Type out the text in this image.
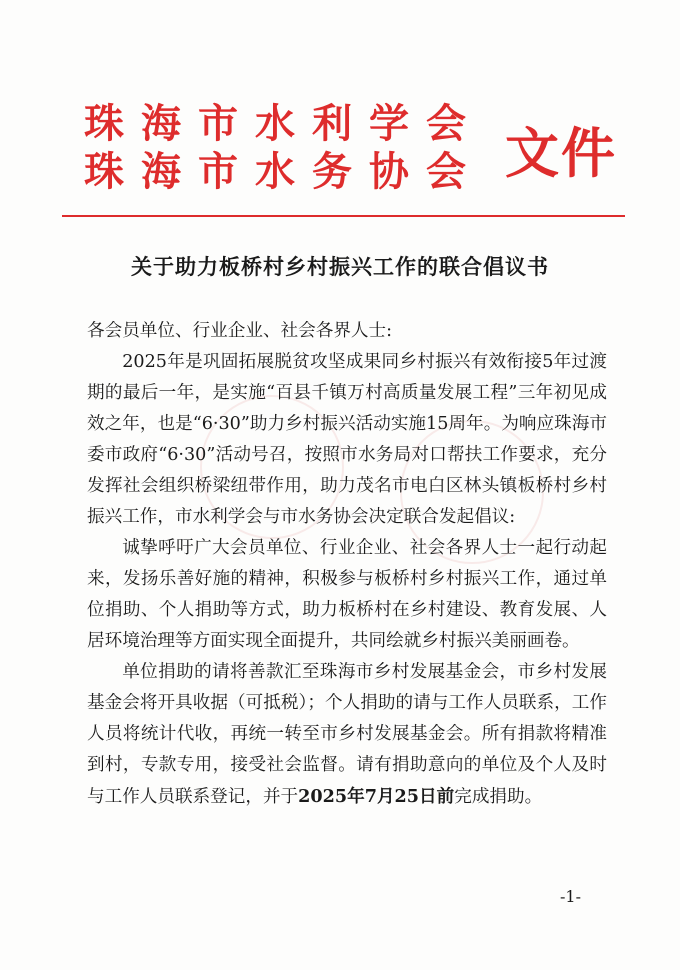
珠海市水利学会
珠海市水务协会 文件
关于助力板桥村乡村振兴工作的联合倡议书

各会员单位、行业企业、社会各界人士:

2025年是巩固拓展脱贫攻坚成果同乡村振兴有效衔接5年过渡期的最后一年，是实施“百县千镇万村高质量发展工程”三年初见成效之年，也是“6·30”助力乡村振兴活动实施15周年。为响应珠海市委市政府“6·30”活动号召，按照市水务局对口帮扶工作要求，充分发挥社会组织桥梁纽带作用，助力茂名市电白区林头镇板桥村乡村振兴工作，市水利学会与市水务协会决定联合发起倡议:

诚挚呼吁广大会员单位、行业企业、社会各界人士一起行动起来，发扬乐善好施的精神，积极参与板桥村乡村振兴工作，通过单位捐助、个人捐助等方式，助力板桥村在乡村建设、教育发展、人居环境治理等方面实现全面提升，共同绘就乡村振兴美丽画卷。

单位捐助的请将善款汇至珠海市乡村发展基金会，市乡村发展基金会将开具收据（可抵税）；个人捐助的请与工作人员联系，工作人员将统计代收，再统一转至市乡村发展基金会。所有捐款将精准到村，专款专用，接受社会监督。请有捐助意向的单位及个人及时与工作人员联系登记，并于2025年7月25日前完成捐助。

-1-
